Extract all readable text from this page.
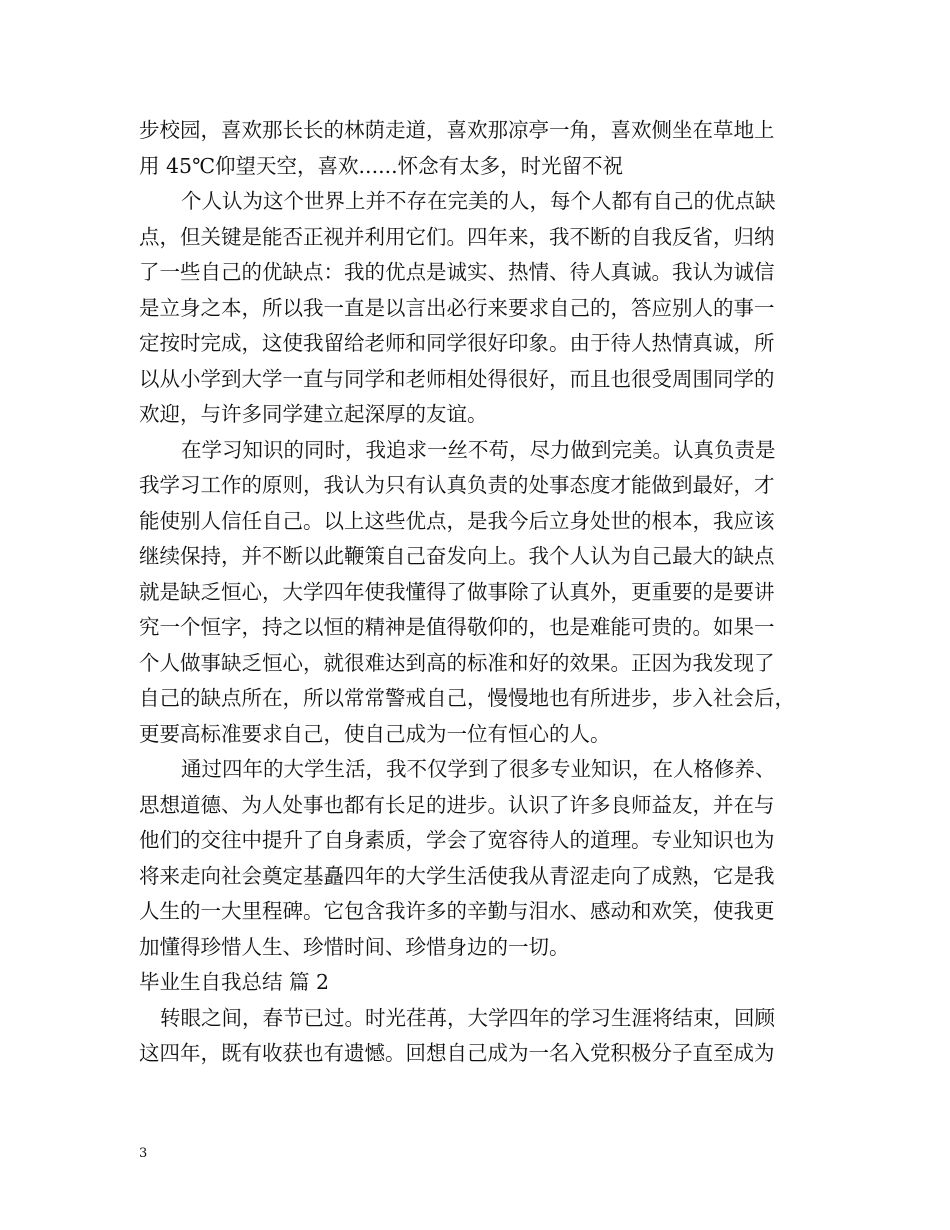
步校园，喜欢那长长的林荫走道，喜欢那凉亭一角，喜欢侧坐在草地上
用 45℃仰望天空，喜欢......怀念有太多，时光留不祝
个人认为这个世界上并不存在完美的人，每个人都有自己的优点缺
点，但关键是能否正视并利用它们。四年来，我不断的自我反省，归纳
了一些自己的优缺点：我的优点是诚实、热情、待人真诚。我认为诚信
是立身之本，所以我一直是以言出必行来要求自己的，答应别人的事一
定按时完成，这使我留给老师和同学很好印象。由于待人热情真诚，所
以从小学到大学一直与同学和老师相处得很好，而且也很受周围同学的
欢迎，与许多同学建立起深厚的友谊。
在学习知识的同时，我追求一丝不苟，尽力做到完美。认真负责是
我学习工作的原则，我认为只有认真负责的处事态度才能做到最好，才
能使别人信任自己。以上这些优点，是我今后立身处世的根本，我应该
继续保持，并不断以此鞭策自己奋发向上。我个人认为自己最大的缺点
就是缺乏恒心，大学四年使我懂得了做事除了认真外，更重要的是要讲
究一个恒字，持之以恒的精神是值得敬仰的，也是难能可贵的。如果一
个人做事缺乏恒心，就很难达到高的标准和好的效果。正因为我发现了
自己的缺点所在，所以常常警戒自己，慢慢地也有所进步，步入社会后，
更要高标准要求自己，使自己成为一位有恒心的人。
通过四年的大学生活，我不仅学到了很多专业知识，在人格修养、
思想道德、为人处事也都有长足的进步。认识了许多良师益友，并在与
他们的交往中提升了自身素质，学会了宽容待人的道理。专业知识也为
将来走向社会奠定基矗四年的大学生活使我从青涩走向了成熟，它是我
人生的一大里程碑。它包含我许多的辛勤与泪水、感动和欢笑，使我更
加懂得珍惜人生、珍惜时间、珍惜身边的一切。
毕业生自我总结 篇 2
转眼之间，春节已过。时光荏苒，大学四年的学习生涯将结束，回顾
这四年，既有收获也有遗憾。回想自己成为一名入党积极分子直至成为
3
